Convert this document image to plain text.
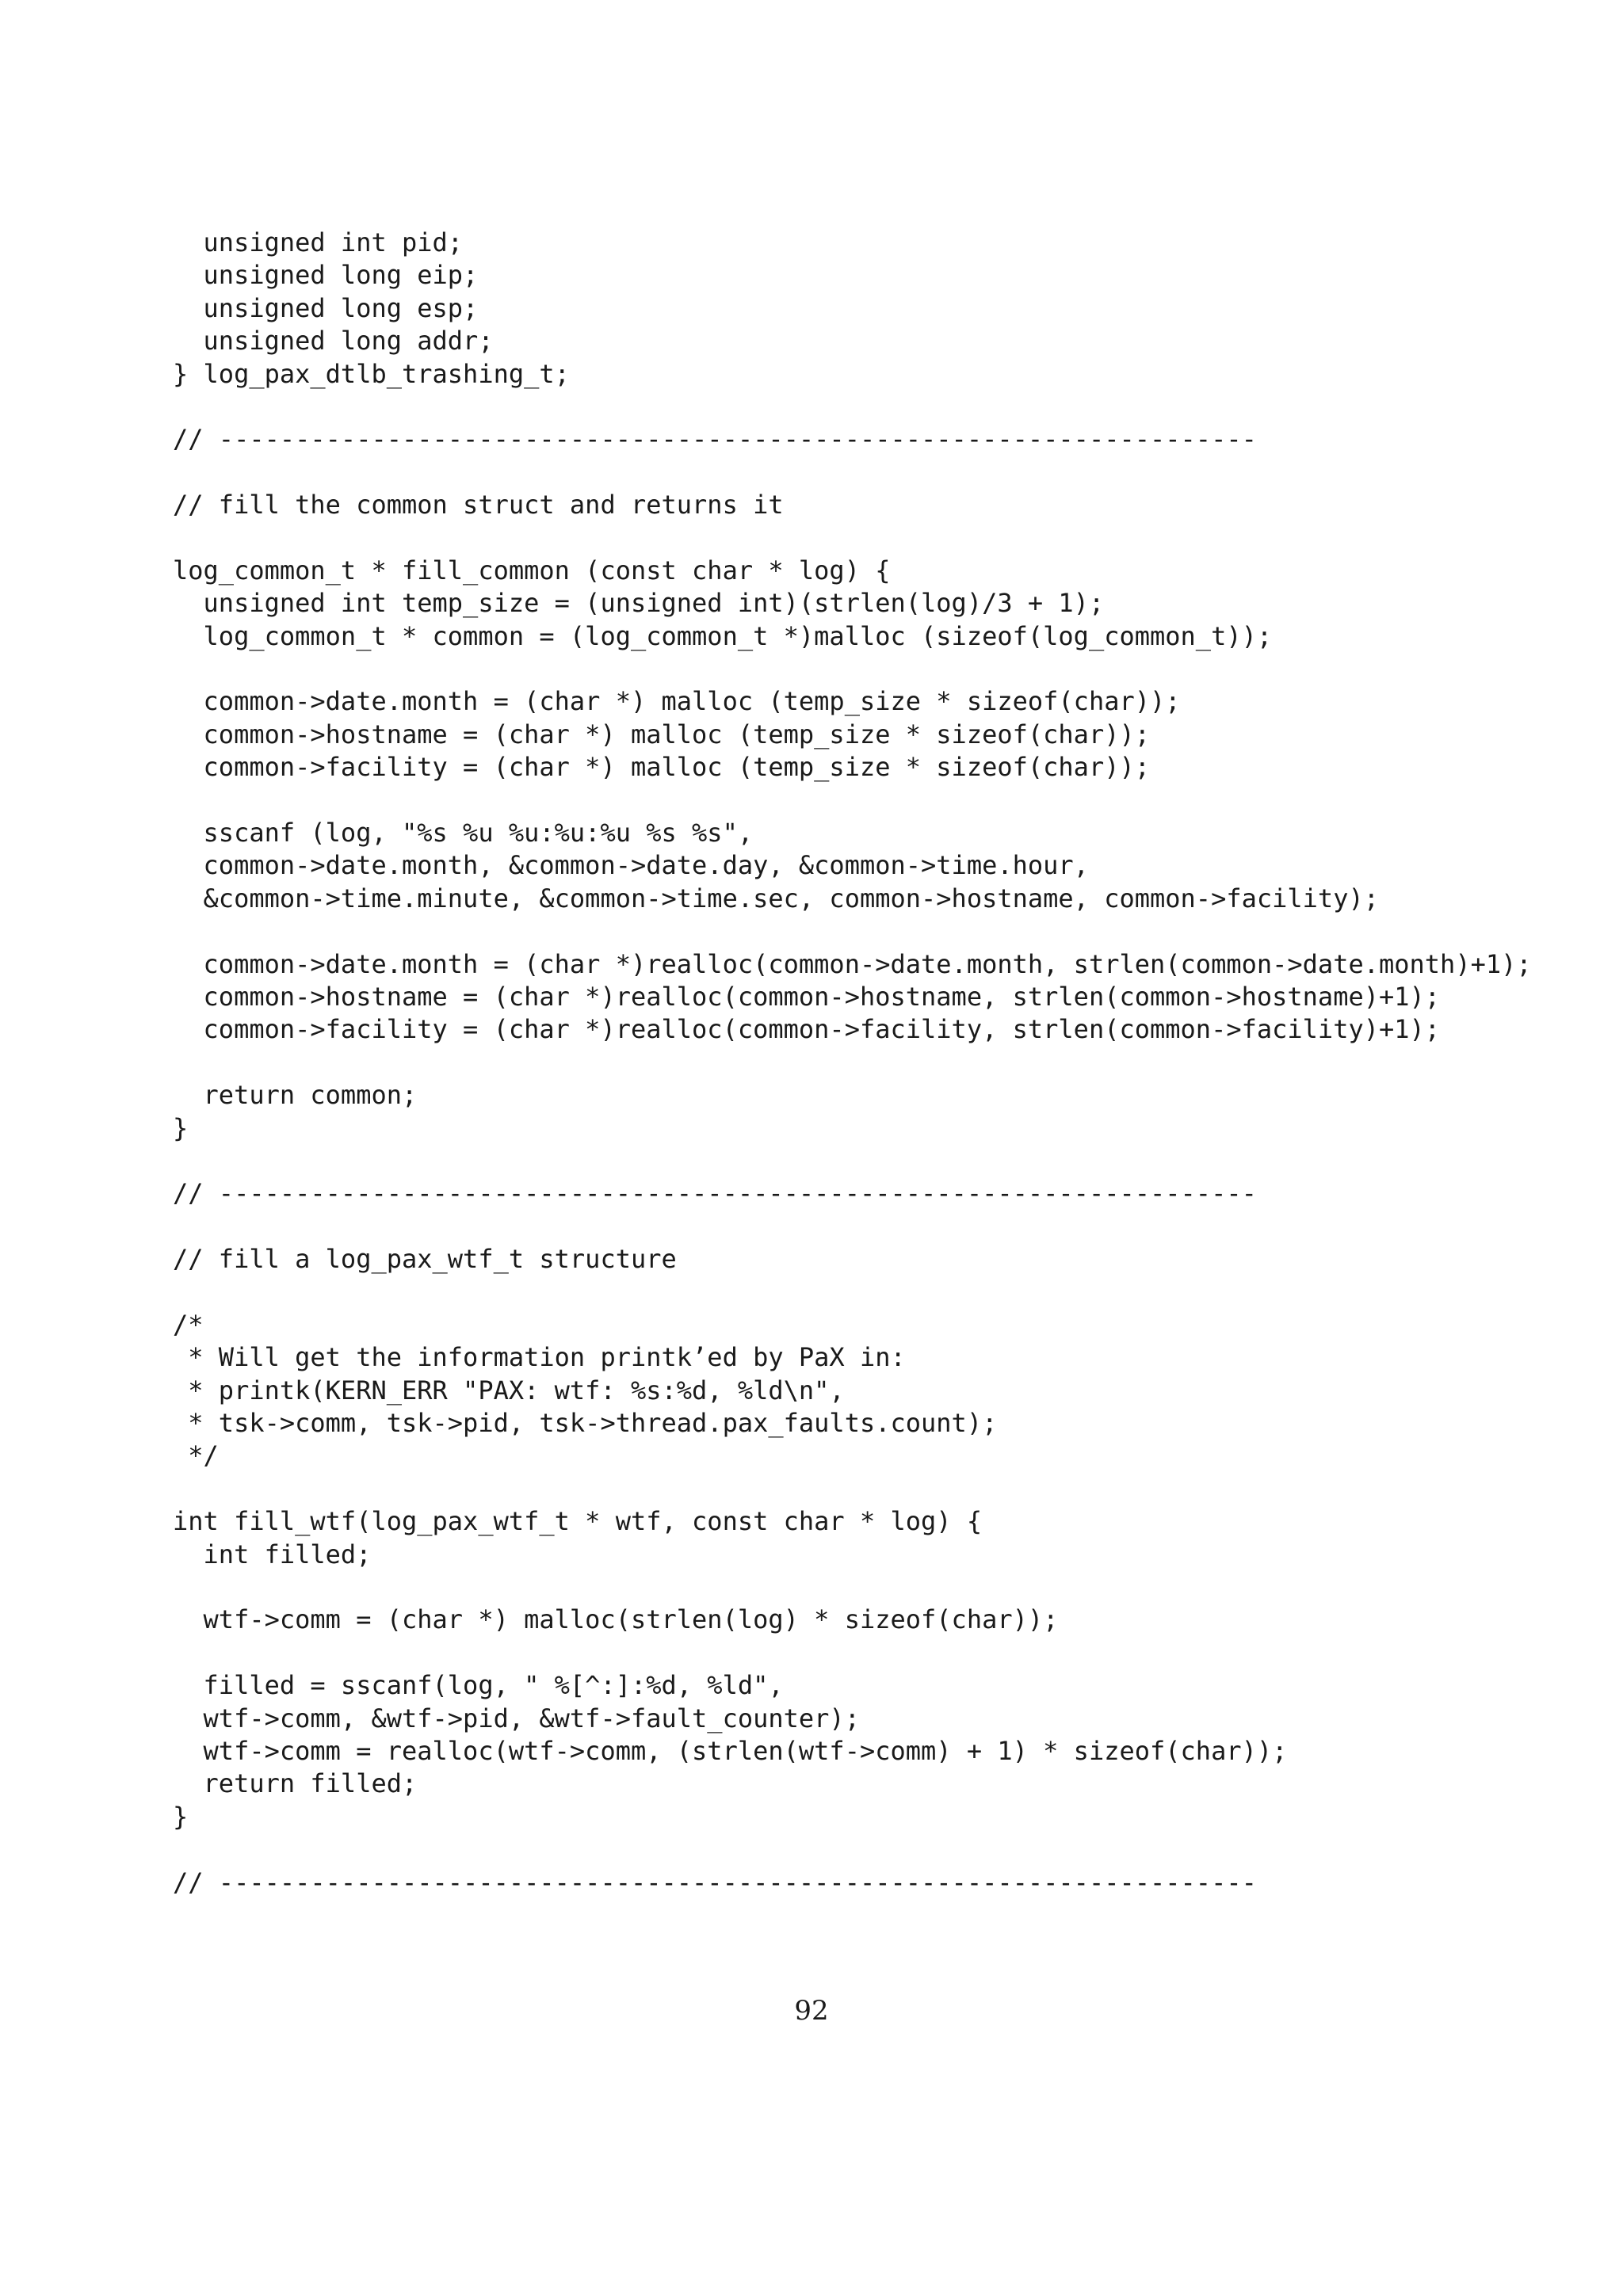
unsigned int pid;
unsigned long eip;
unsigned long esp;
unsigned long addr;
} log_pax_dtlb_trashing_t;
// --------------------------------------------------------------------
// fill the common struct and returns it
log_common_t * fill_common (const char * log) {
unsigned int temp_size = (unsigned int)(strlen(log)/3 + 1);
log_common_t * common = (log_common_t *)malloc (sizeof(log_common_t));
common->date.month = (char *) malloc (temp_size * sizeof(char));
common->hostname = (char *) malloc (temp_size * sizeof(char));
common->facility = (char *) malloc (temp_size * sizeof(char));
sscanf (log, "%s %u %u:%u:%u %s %s",
common->date.month, &common->date.day, &common->time.hour,
&common->time.minute, &common->time.sec, common->hostname, common->facility);
common->date.month = (char *)realloc(common->date.month, strlen(common->date.month)+1);
common->hostname = (char *)realloc(common->hostname, strlen(common->hostname)+1);
common->facility = (char *)realloc(common->facility, strlen(common->facility)+1);
return common;
}
// --------------------------------------------------------------------
// fill a log_pax_wtf_t structure
/*
* Will get the information printk’ed by PaX in:
* printk(KERN_ERR "PAX: wtf: %s:%d, %ld\n",
* tsk->comm, tsk->pid, tsk->thread.pax_faults.count);
*/
int fill_wtf(log_pax_wtf_t * wtf, const char * log) {
int filled;
wtf->comm = (char *) malloc(strlen(log) * sizeof(char));
filled = sscanf(log, " %[^:]:%d, %ld",
wtf->comm, &wtf->pid, &wtf->fault_counter);
wtf->comm = realloc(wtf->comm, (strlen(wtf->comm) + 1) * sizeof(char));
return filled;
}
// --------------------------------------------------------------------
92
